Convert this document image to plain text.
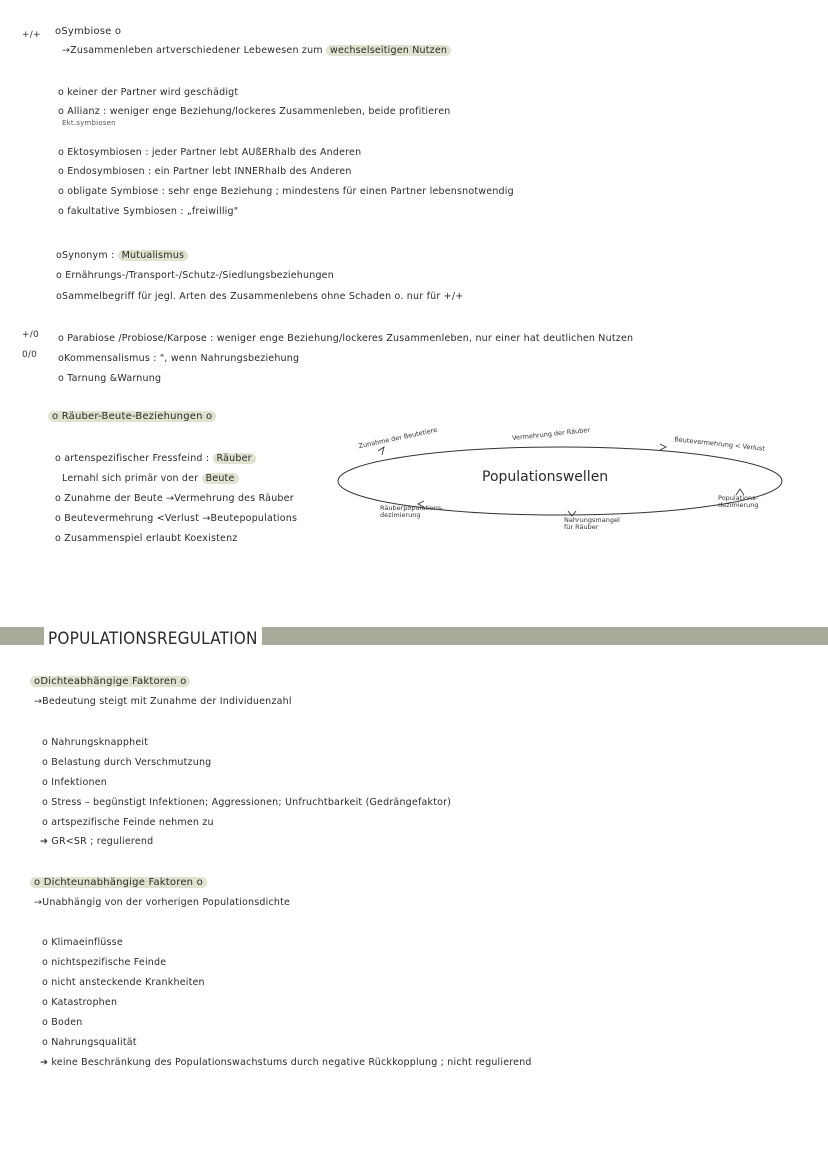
+/+
+/0
0/0
oSymbiose o
→Zusammenleben artverschiedener Lebewesen zum wechselseitigen Nutzen
o keiner der Partner wird geschädigt
o Allianz : weniger enge Beziehung/lockeres Zusammenleben, beide profitieren
Ekt.symbiosen
o Ektosymbiosen : jeder Partner lebt AUßERhalb des Anderen
o Endosymbiosen : ein Partner lebt INNERhalb des Anderen
o obligate Symbiose : sehr enge Beziehung ; mindestens für einen Partner lebensnotwendig
o fakultative Symbiosen : „freiwillig"
oSynonym : Mutualismus
o Ernährungs-/Transport-/Schutz-/Siedlungsbeziehungen
oSammelbegriff für jegl. Arten des Zusammenlebens ohne Schaden o. nur für +/+
o Parabiose /Probiose/Karpose : weniger enge Beziehung/lockeres Zusammenleben, nur einer hat deutlichen Nutzen
oKommensalismus : ", wenn Nahrungsbeziehung
o Tarnung &Warnung
o Räuber-Beute-Beziehungen o
o artenspezifischer Fressfeind : Räuber
Lernahl sich primär von der Beute
o Zunahme der Beute →Vermehrung des Räuber
o Beutevermehrung <Verlust →Beutepopulations
o Zusammenspiel erlaubt Koexistenz
Populationswellen
Zunahme der Beutetiere	Vermehrung der Räuber
Beutevermehrung < Verlust
Populations-
dezimierung
Nahrungsmangel
für Räuber
Räuberpopulations-
dezimierung
POPULATIONSREGULATION
oDichteabhängige Faktoren o
→Bedeutung steigt mit Zunahme der Individuenzahl
o Nahrungsknappheit
o Belastung durch Verschmutzung
o Infektionen
o Stress – begünstigt Infektionen; Aggressionen; Unfruchtbarkeit (Gedrängefaktor)
o artspezifische Feinde nehmen zu
➔ GR<SR ; regulierend
o Dichteunabhängige Faktoren o
→Unabhängig von der vorherigen Populationsdichte
o Klimaeinflüsse
o nichtspezifische Feinde
o nicht ansteckende Krankheiten
o Katastrophen
o Boden
o Nahrungsqualität
➔ keine Beschränkung des Populationswachstums durch negative Rückkopplung ; nicht regulierend
